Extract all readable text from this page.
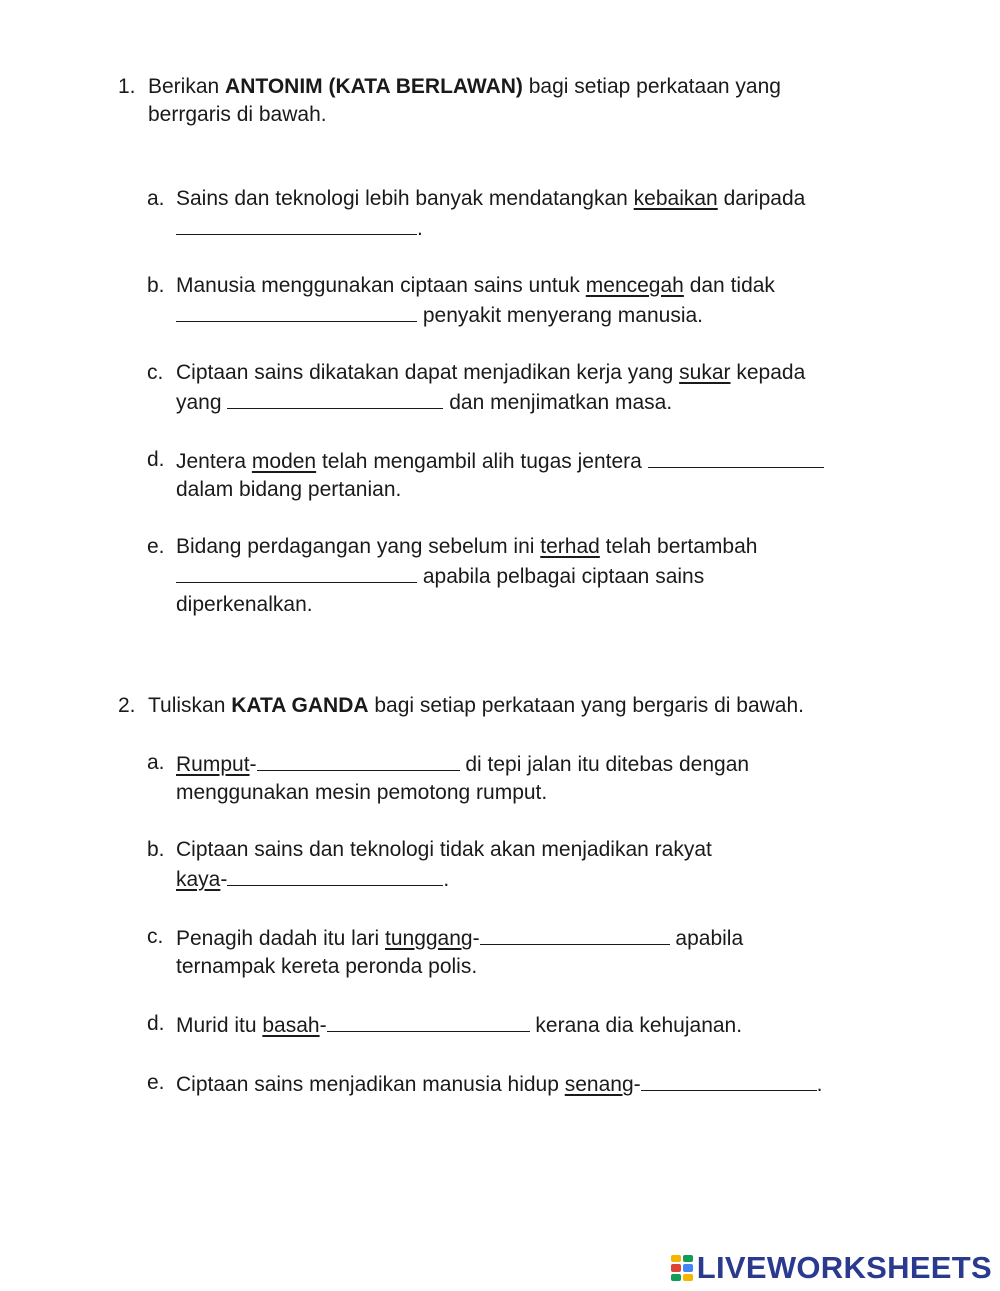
1. Berikan ANTONIM (KATA BERLAWAN) bagi setiap perkataan yang
berrgaris di bawah.
a. Sains dan teknologi lebih banyak mendatangkan kebaikan daripada
.
b. Manusia menggunakan ciptaan sains untuk mencegah dan tidak
penyakit menyerang manusia.
c. Ciptaan sains dikatakan dapat menjadikan kerja yang sukar kepada
yang	dan menjimatkan masa.
d. Jentera moden telah mengambil alih tugas jentera
dalam bidang pertanian.
e. Bidang perdagangan yang sebelum ini terhad telah bertambah
apabila pelbagai ciptaan sains
diperkenalkan.
2. Tuliskan KATA GANDA bagi setiap perkataan yang bergaris di bawah.
a. Rumput-	di tepi jalan itu ditebas dengan
menggunakan mesin pemotong rumput.
b. Ciptaan sains dan teknologi tidak akan menjadikan rakyat
kaya-	.
c. Penagih dadah itu lari tunggang-	apabila
ternampak kereta peronda polis.
d. Murid itu basah-	kerana dia kehujanan.
e. Ciptaan sains menjadikan manusia hidup senang-	.
LIVEWORKSHEETS
